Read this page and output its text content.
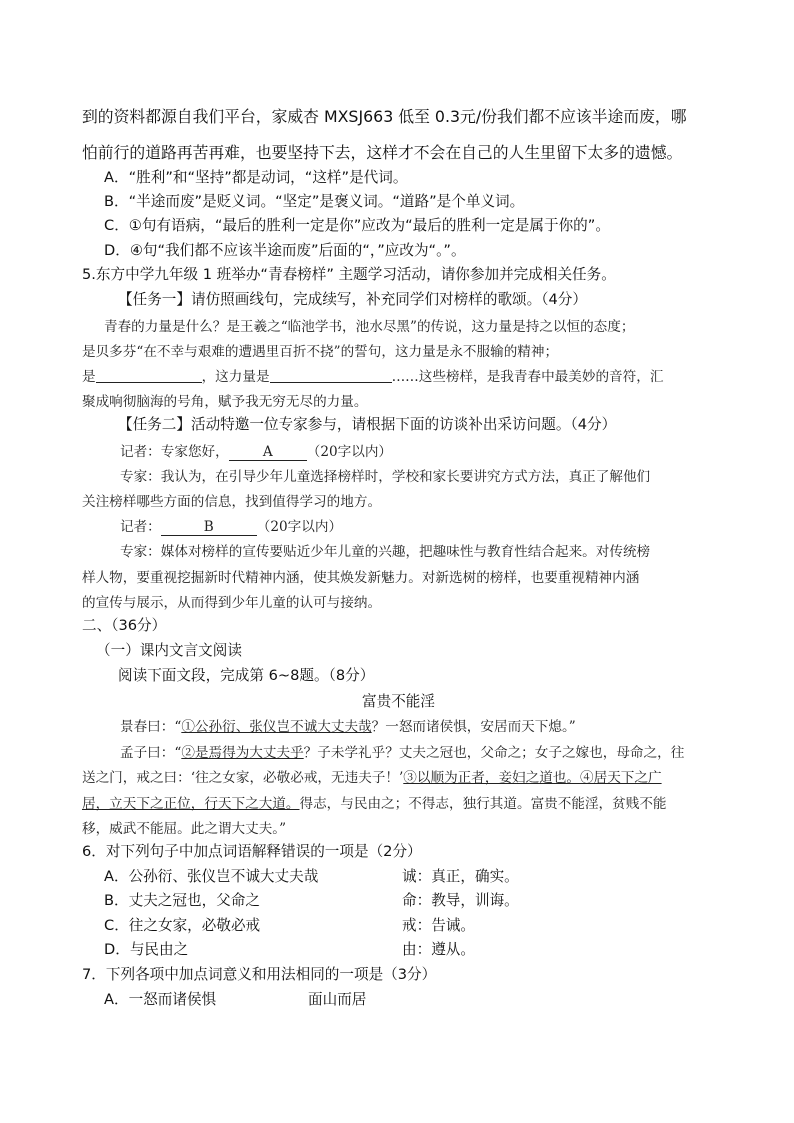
到的资料都源自我们平台，家威杏 MXSJ663 低至 0.3元/份我们都不应该半途而废，哪
怕前行的道路再苦再难，也要坚持下去，这样才不会在自己的人生里留下太多的遗憾。
A．“胜利”和“坚持”都是动词，“这样”是代词。
B．“半途而废”是贬义词。“坚定”是褒义词。“道路”是个单义词。
C．①句有语病，“最后的胜利一定是你”应改为“最后的胜利一定是属于你的”。
D．④句“我们都不应该半途而废”后面的“，”应改为“。”。
5.东方中学九年级 1 班举办“青春榜样” 主题学习活动，请你参加并完成相关任务。
【任务一】请仿照画线句，完成续写，补充同学们对榜样的歌颂。（4分）
青春的力量是什么？是王羲之“临池学书，池水尽黑”的传说，这力量是持之以恒的态度；
是贝多芬“在不幸与艰难的遭遇里百折不挠”的誓句，这力量是永不服输的精神；
是	，这力量是	……这些榜样，是我青春中最美妙的音符，汇
聚成响彻脑海的号角，赋予我无穷无尽的力量。
【任务二】活动特邀一位专家参与，请根据下面的访谈补出采访问题。（4分）
记者：专家您好，	A	（20字以内）
专家：我认为，在引导少年儿童选择榜样时，学校和家长要讲究方式方法，真正了解他们
关注榜样哪些方面的信息，找到值得学习的地方。
记者：	B	（20字以内）
专家：媒体对榜样的宣传要贴近少年儿童的兴趣，把趣味性与教育性结合起来。对传统榜
样人物，要重视挖掘新时代精神内涵，使其焕发新魅力。对新选树的榜样，也要重视精神内涵
的宣传与展示，从而得到少年儿童的认可与接纳。
二、（36分）
（一）课内文言文阅读
阅读下面文段，完成第 6~8题。（8分）
富贵不能淫
景春曰：“①公孙衍、张仪岂不诚大丈夫哉？一怒而诸侯惧，安居而天下熄。”
孟子曰：“②是焉得为大丈夫乎？子未学礼乎？丈夫之冠也，父命之；女子之嫁也，母命之，往
送之门，戒之曰：‘往之女家，必敬必戒，无违夫子！’③以顺为正者，妾妇之道也。④居天下之广
居，立天下之正位，行天下之大道。得志，与民由之；不得志，独行其道。富贵不能淫，贫贱不能
移，威武不能屈。此之谓大丈夫。”
6．对下列句子中加点词语解释错误的一项是（2分）
A．公孙衍、张仪岂不诚大丈夫哉	诚：真正，确实。
B．丈夫之冠也，父命之	命：教导，训诲。
C．往之女家，必敬必戒	戒：告诫。
D．与民由之	由：遵从。
7．下列各项中加点词意义和用法相同的一项是（3分）
A．一怒而诸侯惧	面山而居
